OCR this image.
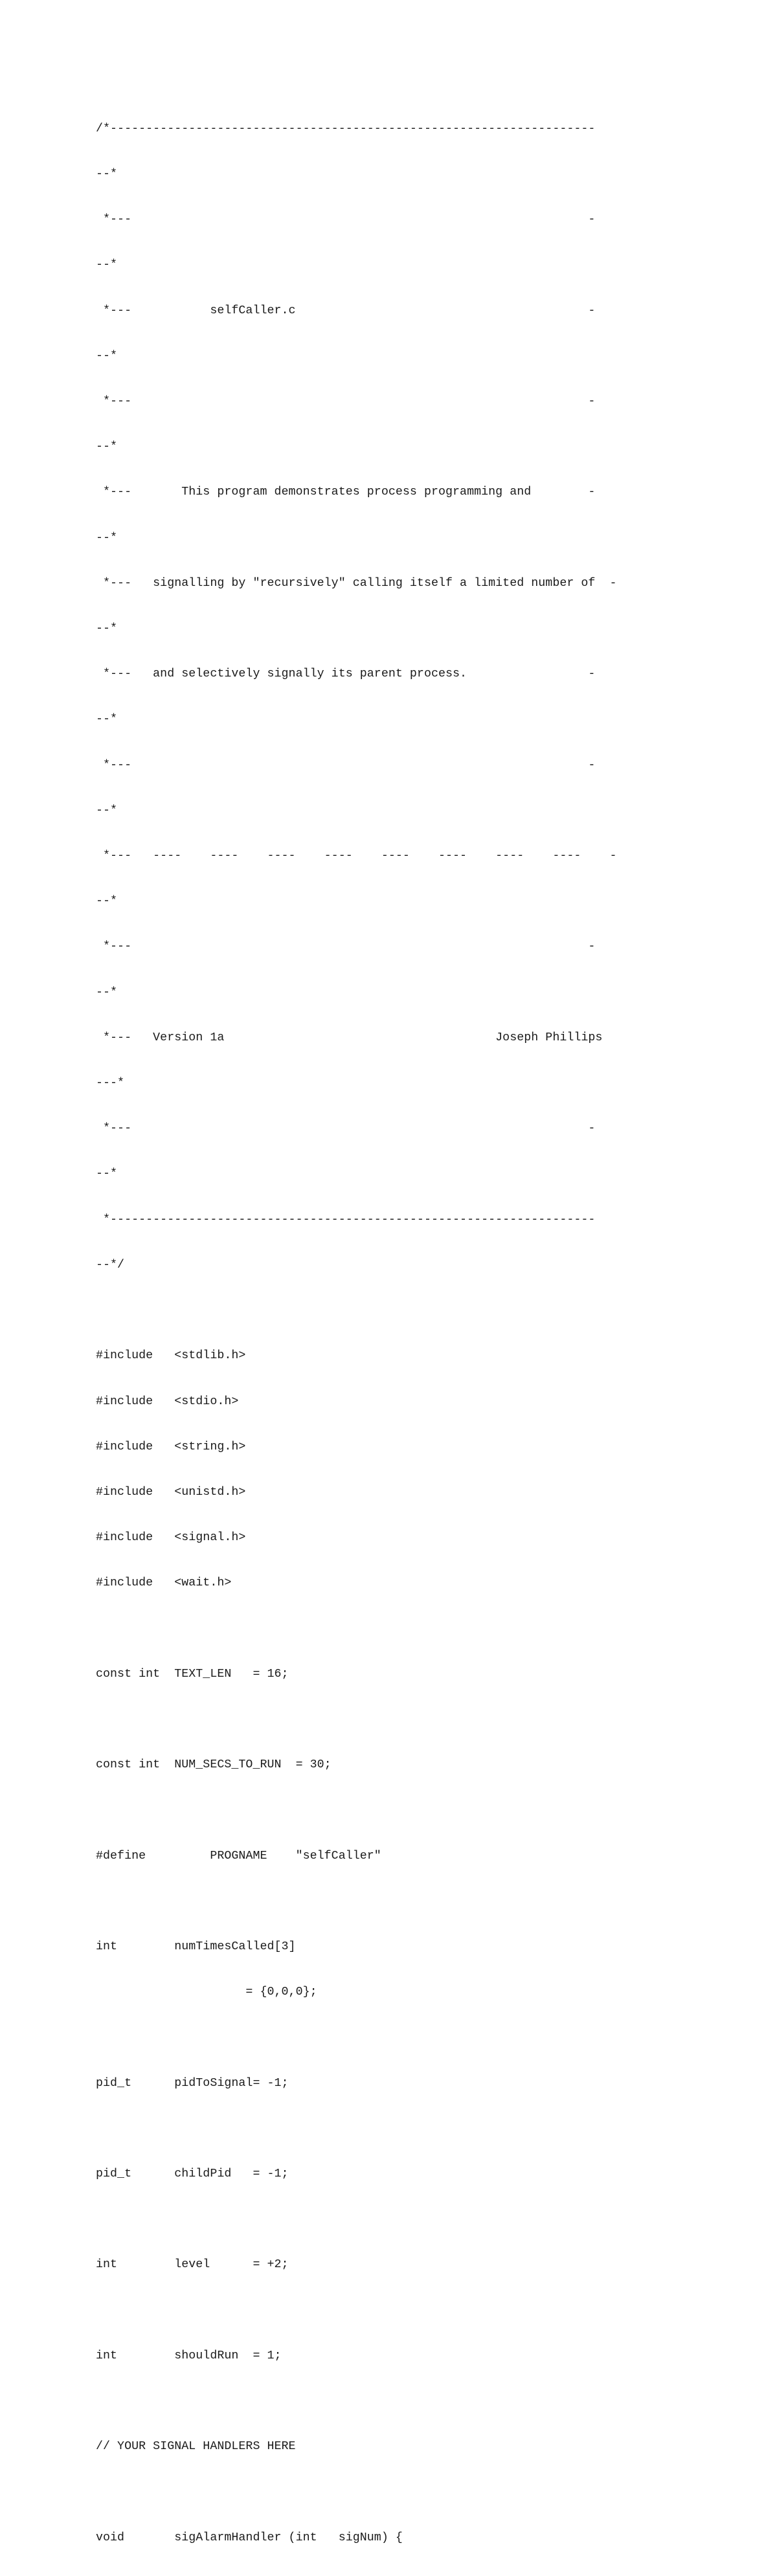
/*--------------------------------------------------------------------

--*

*---                                                                -

--*

*---           selfCaller.c                                         -

--*

*---                                                                -

--*

*---       This program demonstrates process programming and        -

--*

*---   signalling by "recursively" calling itself a limited number of  -

--*

*---   and selectively signally its parent process.                 -

--*

*---                                                                -

--*

*---   ----    ----    ----    ----    ----    ----    ----    ----    -

--*

*---                                                                -

--*

*---   Version 1a                                      Joseph Phillips

---*

*---                                                                -

--*

*--------------------------------------------------------------------

--*/

#include   <stdlib.h>

#include   <stdio.h>

#include   <string.h>

#include   <unistd.h>

#include   <signal.h>

#include   <wait.h>

const int  TEXT_LEN   = 16;

const int  NUM_SECS_TO_RUN  = 30;

#define         PROGNAME    "selfCaller"

int        numTimesCalled[3]

= {0,0,0};

pid_t      pidToSignal= -1;

pid_t      childPid   = -1;

int        level      = +2;

int        shouldRun  = 1;

// YOUR SIGNAL HANDLERS HERE

void       sigAlarmHandler (int   sigNum) {
